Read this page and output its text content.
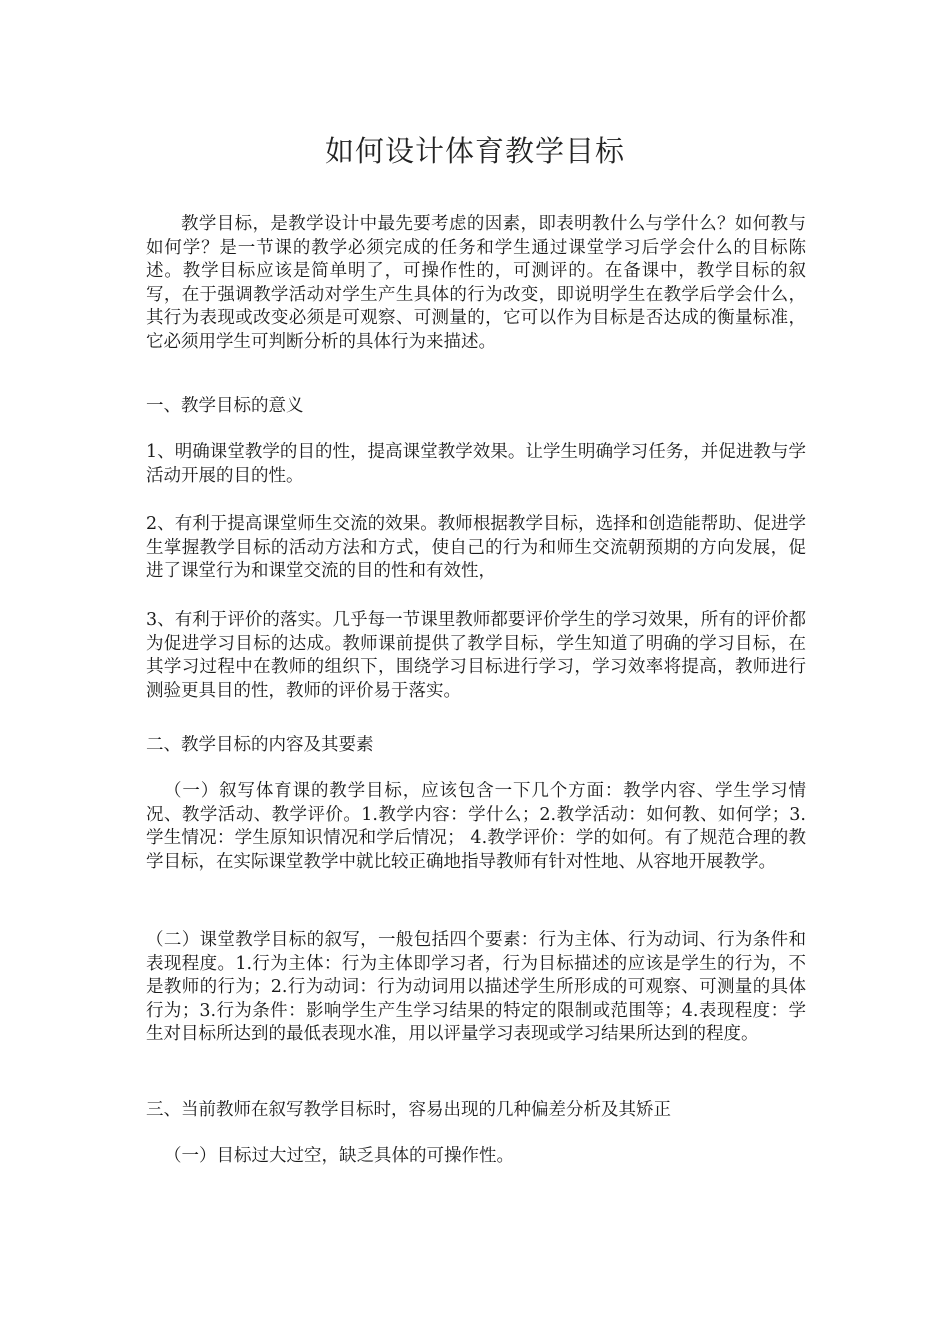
如何设计体育教学目标

教学目标，是教学设计中最先要考虑的因素，即表明教什么与学什么？如何教与如何学？是一节课的教学必须完成的任务和学生通过课堂学习后学会什么的目标陈述。教学目标应该是简单明了，可操作性的，可测评的。在备课中，教学目标的叙写，在于强调教学活动对学生产生具体的行为改变，即说明学生在教学后学会什么，其行为表现或改变必须是可观察、可测量的，它可以作为目标是否达成的衡量标准，它必须用学生可判断分析的具体行为来描述。

一、教学目标的意义

1、明确课堂教学的目的性，提高课堂教学效果。让学生明确学习任务，并促进教与学活动开展的目的性。

2、有利于提高课堂师生交流的效果。教师根据教学目标，选择和创造能帮助、促进学生掌握教学目标的活动方法和方式，使自己的行为和师生交流朝预期的方向发展，促进了课堂行为和课堂交流的目的性和有效性，

3、有利于评价的落实。几乎每一节课里教师都要评价学生的学习效果，所有的评价都为促进学习目标的达成。教师课前提供了教学目标，学生知道了明确的学习目标，在其学习过程中在教师的组织下，围绕学习目标进行学习，学习效率将提高，教师进行测验更具目的性，教师的评价易于落实。

二、教学目标的内容及其要素

（一）叙写体育课的教学目标，应该包含一下几个方面：教学内容、学生学习情况、教学活动、教学评价。1.教学内容：学什么；2.教学活动：如何教、如何学；3.学生情况：学生原知识情况和学后情况； 4.教学评价：学的如何。有了规范合理的教学目标，在实际课堂教学中就比较正确地指导教师有针对性地、从容地开展教学。

（二）课堂教学目标的叙写，一般包括四个要素：行为主体、行为动词、行为条件和表现程度。1.行为主体：行为主体即学习者，行为目标描述的应该是学生的行为，不是教师的行为；2.行为动词：行为动词用以描述学生所形成的可观察、可测量的具体行为；3.行为条件：影响学生产生学习结果的特定的限制或范围等；4.表现程度：学生对目标所达到的最低表现水准，用以评量学习表现或学习结果所达到的程度。

三、当前教师在叙写教学目标时，容易出现的几种偏差分析及其矫正

（一）目标过大过空，缺乏具体的可操作性。
